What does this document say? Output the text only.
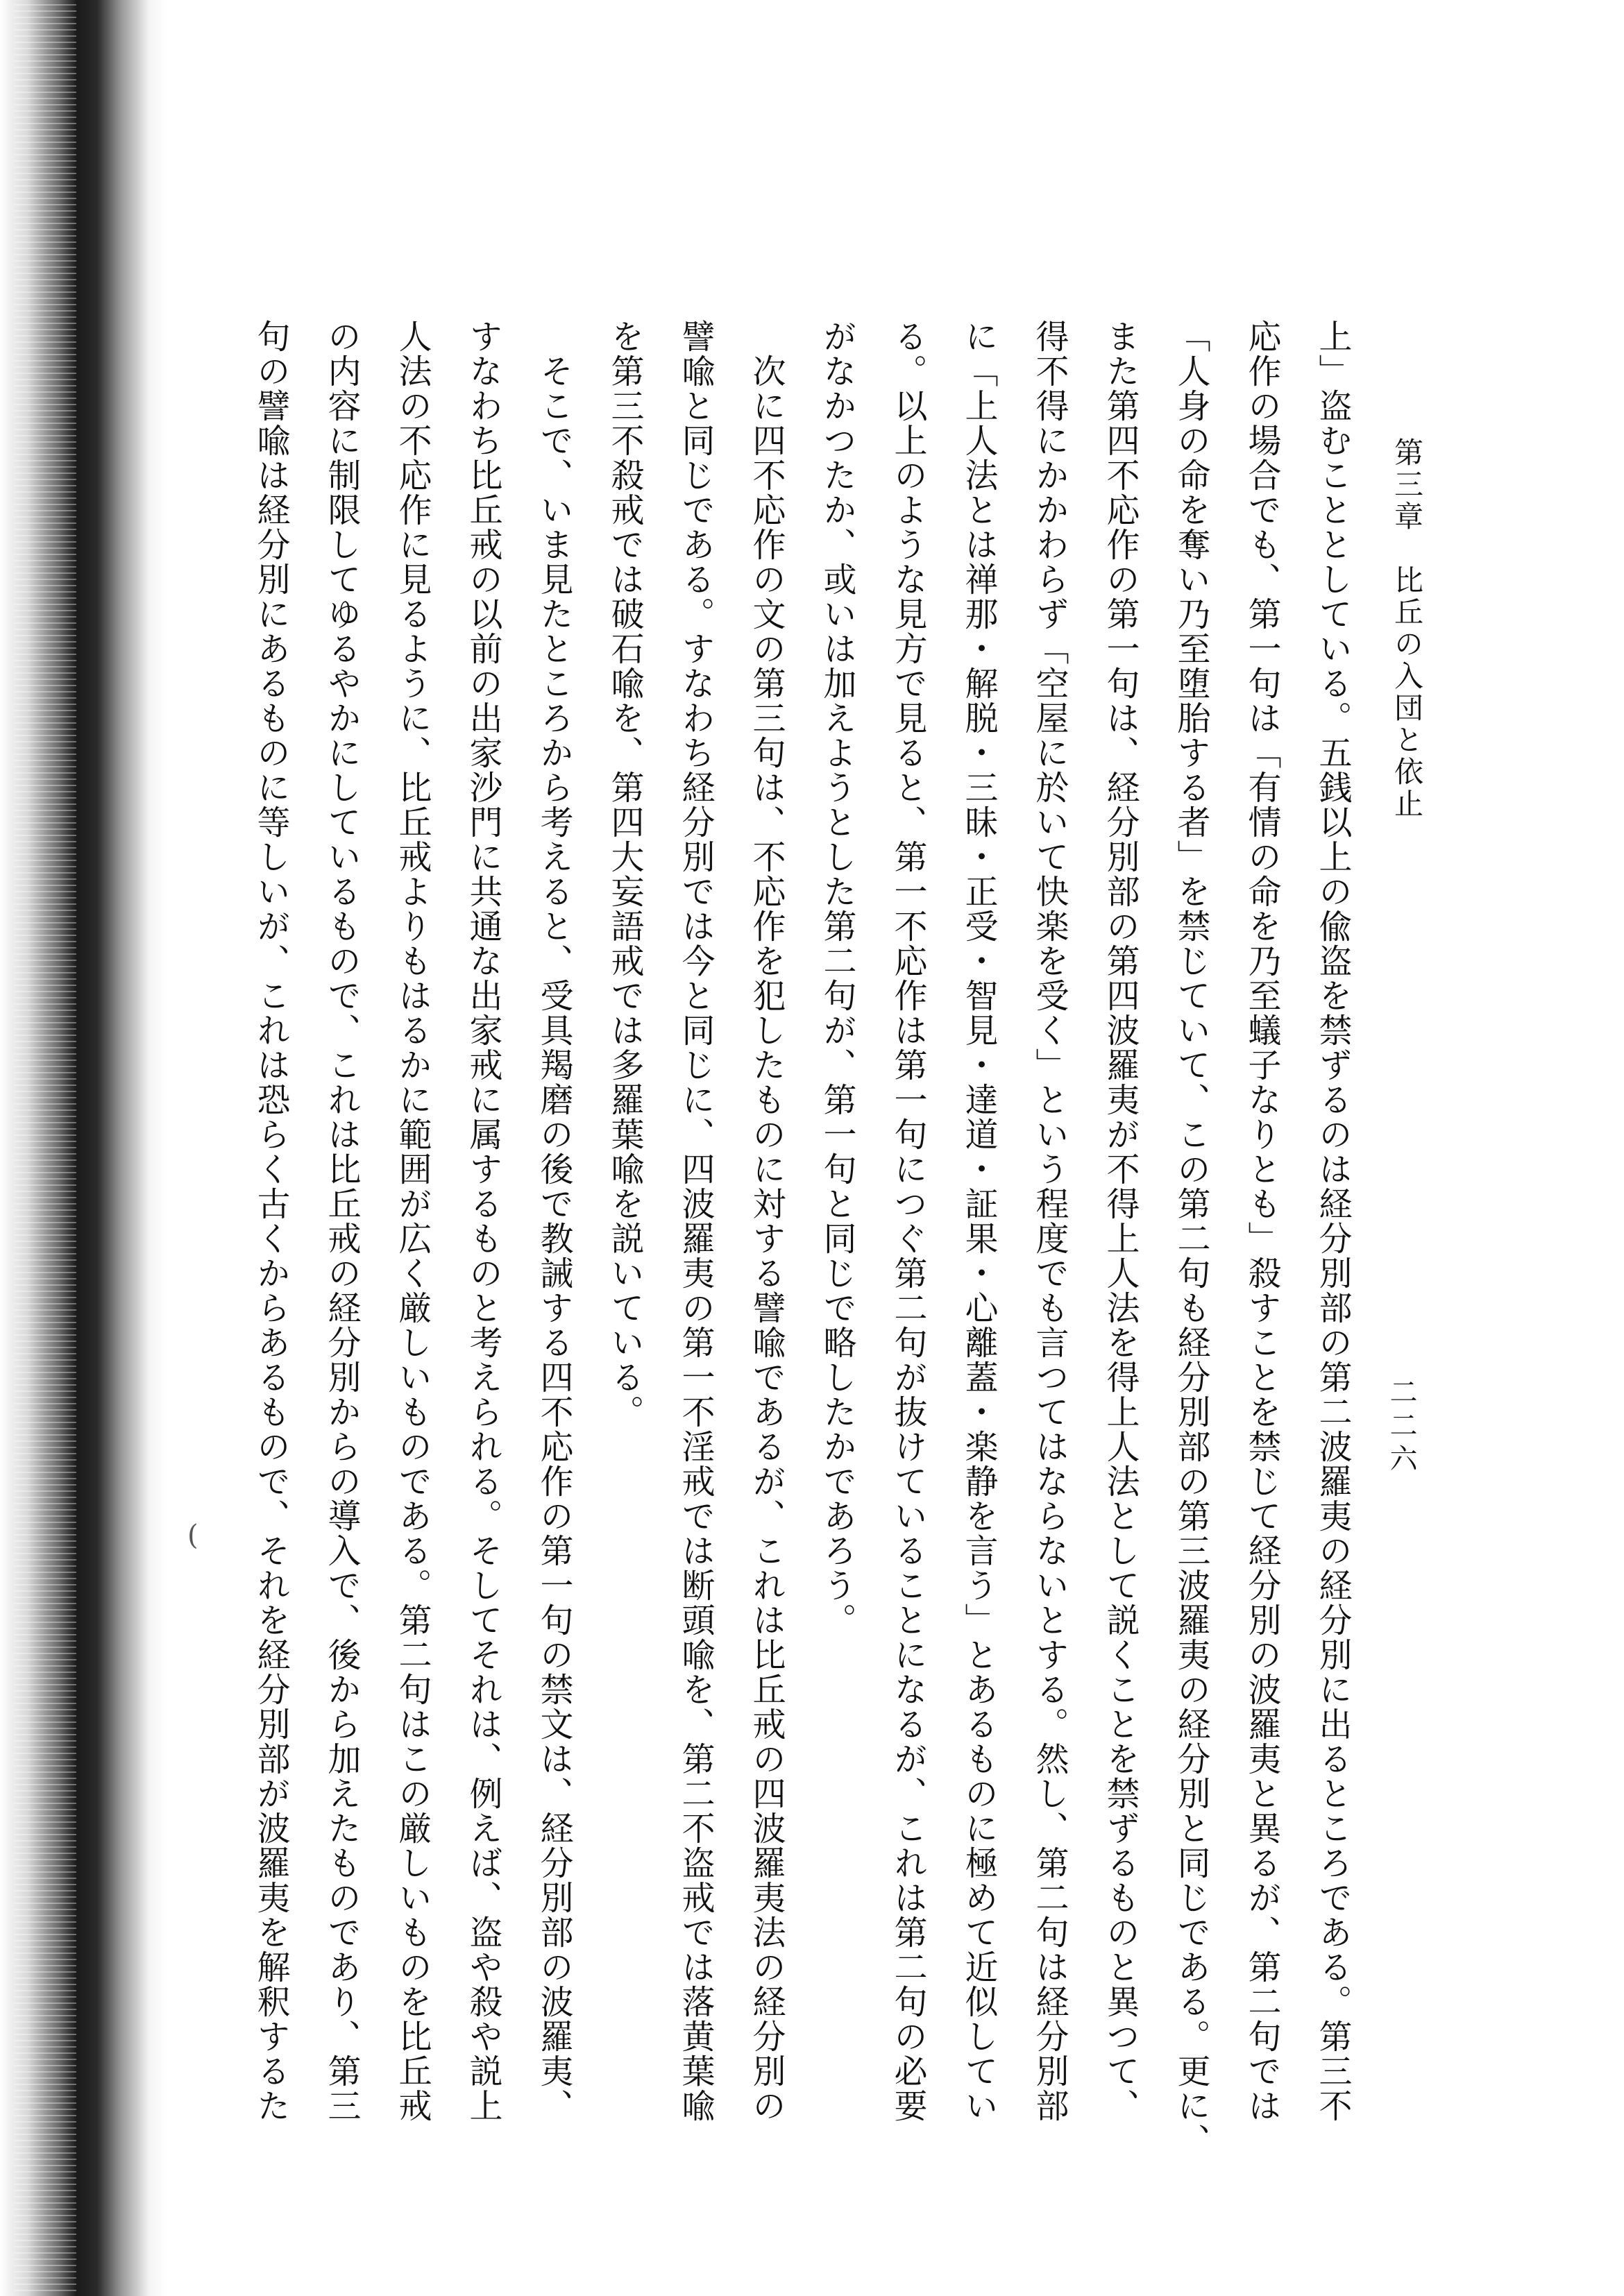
第三章比丘の入団と依止
二二六
上」盗むこととしている。五銭以上の偸盗を禁ずるのは経分別部の第二波羅夷の経分別に出るところである。第三不
応作の場合でも、第一句は「有情の命を乃至蟻子なりとも」殺すことを禁じて経分別の波羅夷と異るが、第二句では
「人身の命を奪い乃至堕胎する者」を禁じていて、この第二句も経分別部の第三波羅夷の経分別と同じである。更に、
また第四不応作の第一句は、経分別部の第四波羅夷が不得上人法を得上人法として説くことを禁ずるものと異つて、
得不得にかかわらず「空屋に於いて快楽を受く」という程度でも言つてはならないとする。然し、第二句は経分別部
に「上人法とは禅那・解脱・三昧・正受・智見・達道・証果・心離蓋・楽静を言う」とあるものに極めて近似してい
る。以上のような見方で見ると、第一不応作は第一句につぐ第二句が抜けていることになるが、これは第二句の必要
がなかつたか、或いは加えようとした第二句が、第一句と同じで略したかであろう。
次に四不応作の文の第三句は、不応作を犯したものに対する譬喩であるが、これは比丘戒の四波羅夷法の経分別の
譬喩と同じである。すなわち経分別では今と同じに、四波羅夷の第一不淫戒では断頭喩を、第二不盗戒では落黄葉喩
を第三不殺戒では破石喩を、第四大妄語戒では多羅葉喩を説いている。
そこで、いま見たところから考えると、受具羯磨の後で教誡する四不応作の第一句の禁文は、経分別部の波羅夷、
すなわち比丘戒の以前の出家沙門に共通な出家戒に属するものと考えられる。そしてそれは、例えば、盗や殺や説上
人法の不応作に見るように、比丘戒よりもはるかに範囲が広く厳しいものである。第二句はこの厳しいものを比丘戒
の内容に制限してゆるやかにしているもので、これは比丘戒の経分別からの導入で、後から加えたものであり、第三
句の譬喩は経分別にあるものに等しいが、これは恐らく古くからあるもので、それを経分別部が波羅夷を解釈するた
(
